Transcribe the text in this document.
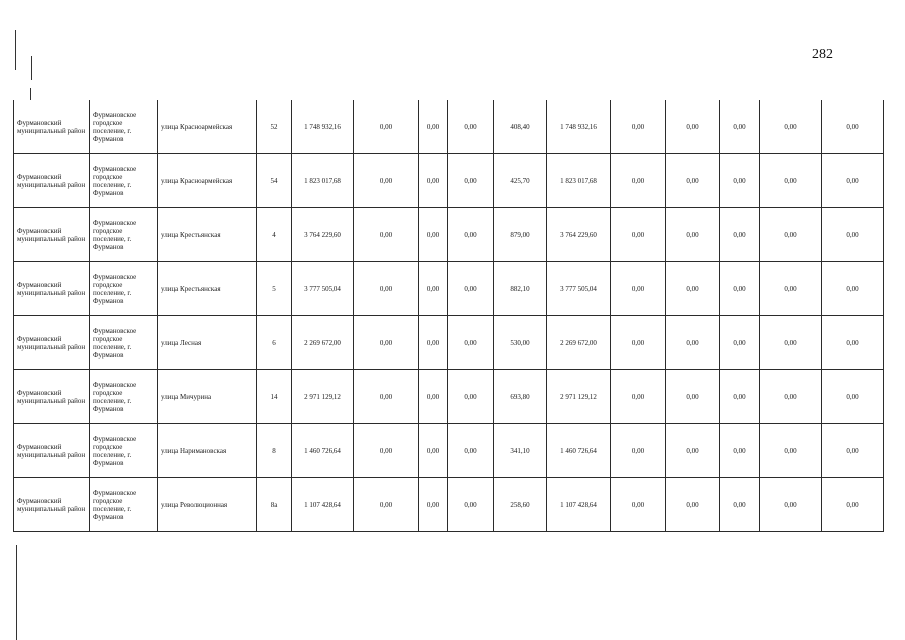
282
Фурмановский муниципальный район	Фурмановское городское поселение, г. Фурманов	улица Красноармейская	52	1 748 932,16	0,00	0,00	0,00	408,40	1 748 932,16	0,00	0,00	0,00	0,00	0,00
Фурмановский муниципальный район	Фурмановское городское поселение, г. Фурманов	улица Красноармейская	54	1 823 017,68	0,00	0,00	0,00	425,70	1 823 017,68	0,00	0,00	0,00	0,00	0,00
Фурмановский муниципальный район	Фурмановское городское поселение, г. Фурманов	улица Крестьянская	4	3 764 229,60	0,00	0,00	0,00	879,00	3 764 229,60	0,00	0,00	0,00	0,00	0,00
Фурмановский муниципальный район	Фурмановское городское поселение, г. Фурманов	улица Крестьянская	5	3 777 505,04	0,00	0,00	0,00	882,10	3 777 505,04	0,00	0,00	0,00	0,00	0,00
Фурмановский муниципальный район	Фурмановское городское поселение, г. Фурманов	улица Лесная	6	2 269 672,00	0,00	0,00	0,00	530,00	2 269 672,00	0,00	0,00	0,00	0,00	0,00
Фурмановский муниципальный район	Фурмановское городское поселение, г. Фурманов	улица Мичурина	14	2 971 129,12	0,00	0,00	0,00	693,80	2 971 129,12	0,00	0,00	0,00	0,00	0,00
Фурмановский муниципальный район	Фурмановское городское поселение, г. Фурманов	улица Наримановская	8	1 460 726,64	0,00	0,00	0,00	341,10	1 460 726,64	0,00	0,00	0,00	0,00	0,00
Фурмановский муниципальный район	Фурмановское городское поселение, г. Фурманов	улица Революционная	8а	1 107 428,64	0,00	0,00	0,00	258,60	1 107 428,64	0,00	0,00	0,00	0,00	0,00
